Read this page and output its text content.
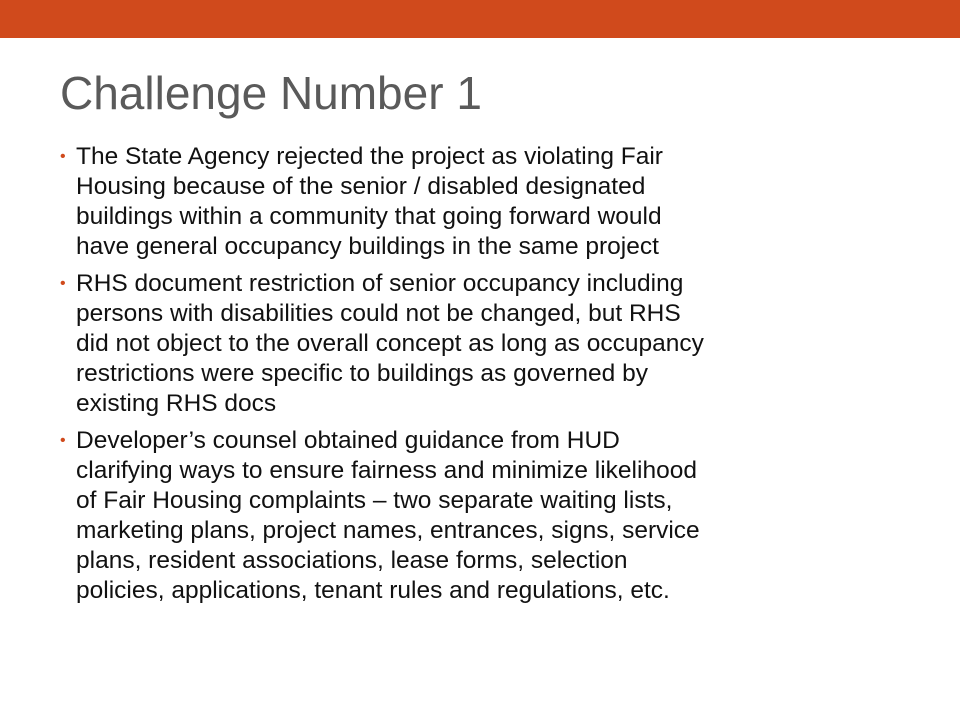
Challenge Number 1
• The State Agency rejected the project as violating Fair
Housing because of the senior / disabled designated
buildings within a community that going forward would
have general occupancy buildings in the same project
• RHS document restriction of senior occupancy including
persons with disabilities could not be changed, but RHS
did not object to the overall concept as long as occupancy
restrictions were specific to buildings as governed by
existing RHS docs
• Developer’s counsel obtained guidance from HUD
clarifying ways to ensure fairness and minimize likelihood
of Fair Housing complaints – two separate waiting lists,
marketing plans, project names, entrances, signs, service
plans, resident associations, lease forms, selection
policies, applications, tenant rules and regulations, etc.
